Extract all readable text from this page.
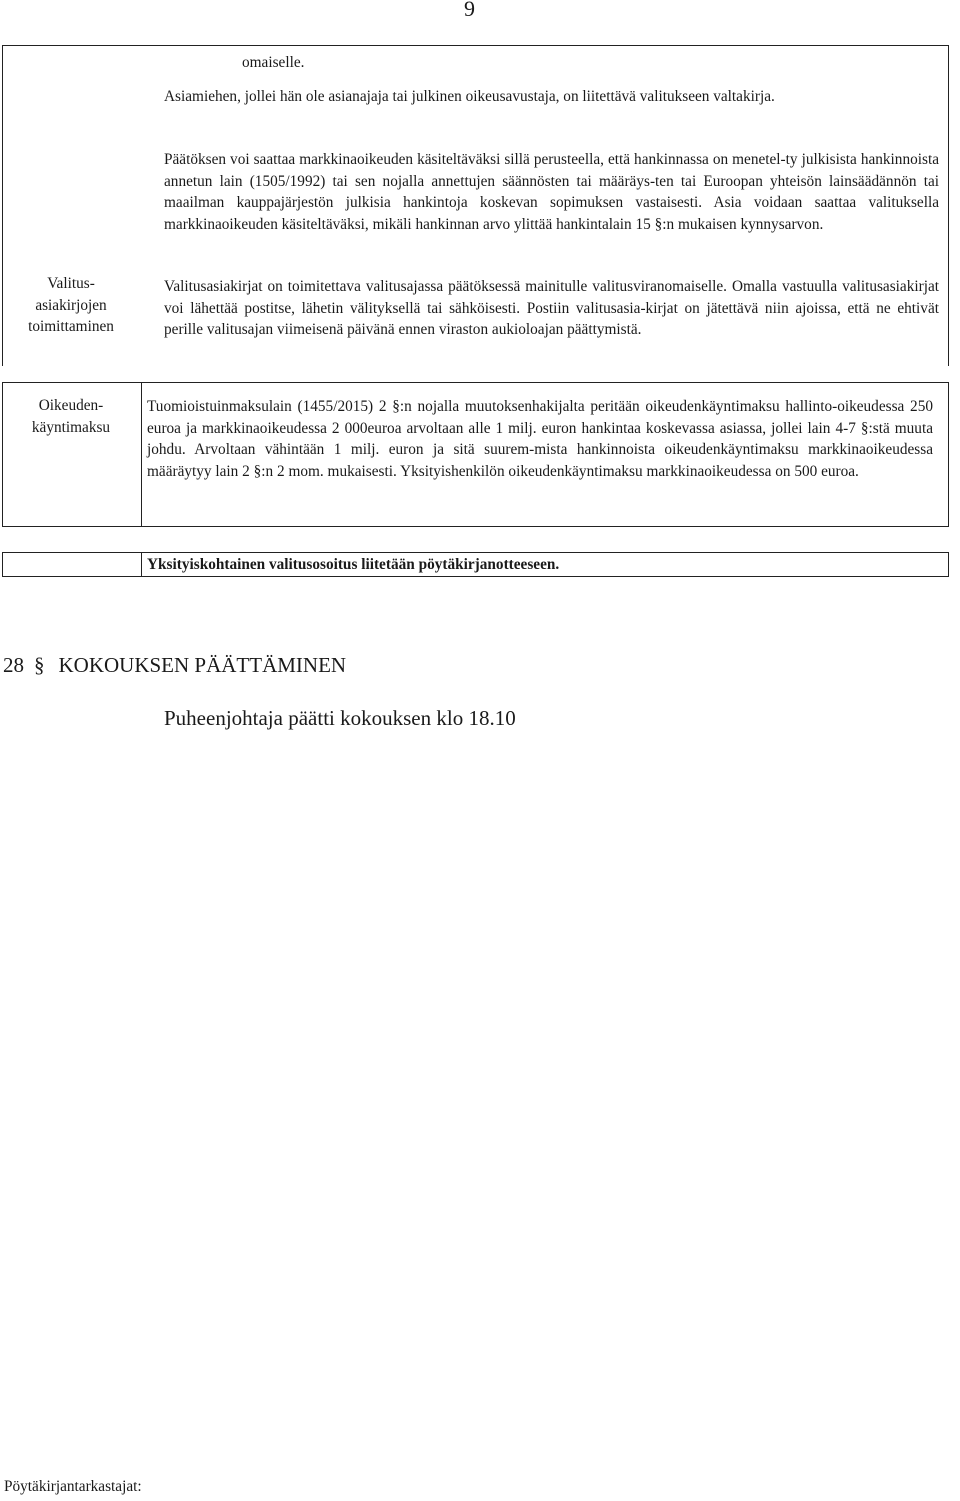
9

omaiselle.

Asiamiehen, jollei hän ole asianajaja tai julkinen oikeusavustaja, on liitettävä valitukseen valtakirja.

Päätöksen voi saattaa markkinaoikeuden käsiteltäväksi sillä perusteella, että hankinnassa on menetel-ty julkisista hankinnoista annetun lain (1505/1992) tai sen nojalla annettujen säännösten tai määräys-ten tai Euroopan yhteisön lainsäädännön tai maailman kauppajärjestön julkisia hankintoja koskevan sopimuksen vastaisesti. Asia voidaan saattaa valituksella markkinaoikeuden käsiteltäväksi, mikäli hankinnan arvo ylittää hankintalain 15 §:n mukaisen kynnysarvon.

Valitus-
asiakirjojen
toimittaminen

Valitusasiakirjat on toimitettava valitusajassa päätöksessä mainitulle valitusviranomaiselle. Omalla vastuulla valitusasiakirjat voi lähettää postitse, lähetin välityksellä tai sähköisesti. Postiin valitusasia-kirjat on jätettävä niin ajoissa, että ne ehtivät perille valitusajan viimeisenä päivänä ennen viraston aukioloajan päättymistä.

Oikeuden-
käyntimaksu

Tuomioistuinmaksulain (1455/2015) 2 §:n nojalla muutoksenhakijalta peritään oikeudenkäyntimaksu hallinto-oikeudessa 250 euroa ja markkinaoikeudessa 2 000euroa arvoltaan alle 1 milj. euron hankintaa koskevassa asiassa, jollei lain 4-7 §:stä muuta johdu. Arvoltaan vähintään 1 milj. euron ja sitä suurem-mista hankinnoista oikeudenkäyntimaksu markkinaoikeudessa määräytyy lain 2 §:n 2 mom. mukaisesti. Yksityishenkilön oikeudenkäyntimaksu markkinaoikeudessa on 500 euroa.

Yksityiskohtainen valitusosoitus liitetään pöytäkirjanotteeseen.

28 § KOKOUKSEN PÄÄTTÄMINEN
Puheenjohtaja päätti kokouksen klo 18.10
Pöytäkirjantarkastajat:
